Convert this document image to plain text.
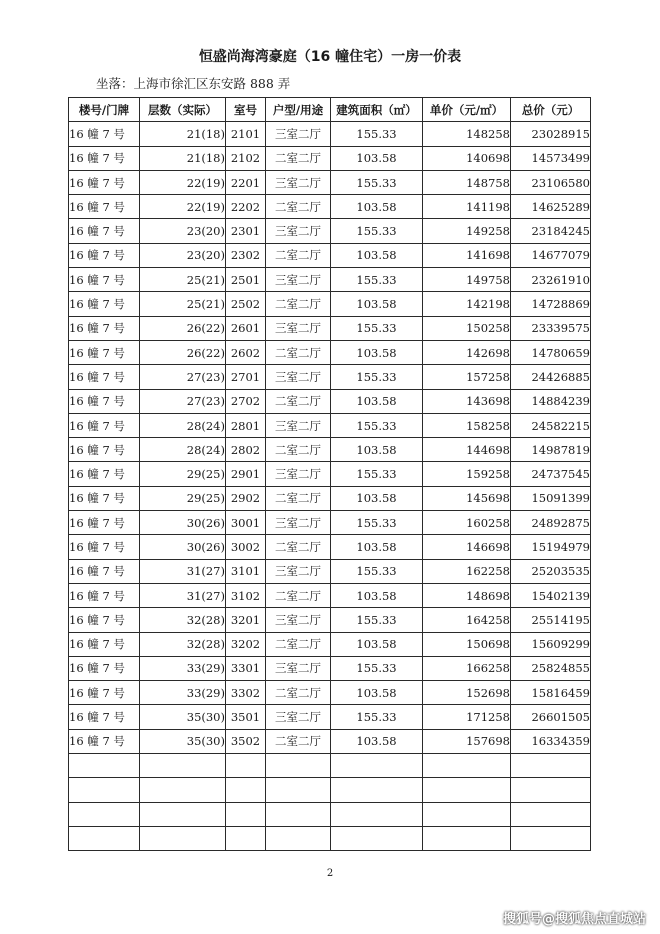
恒盛尚海湾豪庭（16 幢住宅）一房一价表
坐落：上海市徐汇区东安路 888 弄
楼号/门牌	层数（实际）	室号	户型/用途	建筑面积（㎡）	单价（元/㎡）	总价（元）
16 幢 7 号	21(18)	2101	三室二厅	155.33	148258	23028915
16 幢 7 号	21(18)	2102	二室二厅	103.58	140698	14573499
16 幢 7 号	22(19)	2201	三室二厅	155.33	148758	23106580
16 幢 7 号	22(19)	2202	二室二厅	103.58	141198	14625289
16 幢 7 号	23(20)	2301	三室二厅	155.33	149258	23184245
16 幢 7 号	23(20)	2302	二室二厅	103.58	141698	14677079
16 幢 7 号	25(21)	2501	三室二厅	155.33	149758	23261910
16 幢 7 号	25(21)	2502	二室二厅	103.58	142198	14728869
16 幢 7 号	26(22)	2601	三室二厅	155.33	150258	23339575
16 幢 7 号	26(22)	2602	二室二厅	103.58	142698	14780659
16 幢 7 号	27(23)	2701	三室二厅	155.33	157258	24426885
16 幢 7 号	27(23)	2702	二室二厅	103.58	143698	14884239
16 幢 7 号	28(24)	2801	三室二厅	155.33	158258	24582215
16 幢 7 号	28(24)	2802	二室二厅	103.58	144698	14987819
16 幢 7 号	29(25)	2901	三室二厅	155.33	159258	24737545
16 幢 7 号	29(25)	2902	二室二厅	103.58	145698	15091399
16 幢 7 号	30(26)	3001	三室二厅	155.33	160258	24892875
16 幢 7 号	30(26)	3002	二室二厅	103.58	146698	15194979
16 幢 7 号	31(27)	3101	三室二厅	155.33	162258	25203535
16 幢 7 号	31(27)	3102	二室二厅	103.58	148698	15402139
16 幢 7 号	32(28)	3201	三室二厅	155.33	164258	25514195
16 幢 7 号	32(28)	3202	二室二厅	103.58	150698	15609299
16 幢 7 号	33(29)	3301	三室二厅	155.33	166258	25824855
16 幢 7 号	33(29)	3302	二室二厅	103.58	152698	15816459
16 幢 7 号	35(30)	3501	三室二厅	155.33	171258	26601505
16 幢 7 号	35(30)	3502	二室二厅	103.58	157698	16334359

2
搜狐号@搜狐焦点直城站
